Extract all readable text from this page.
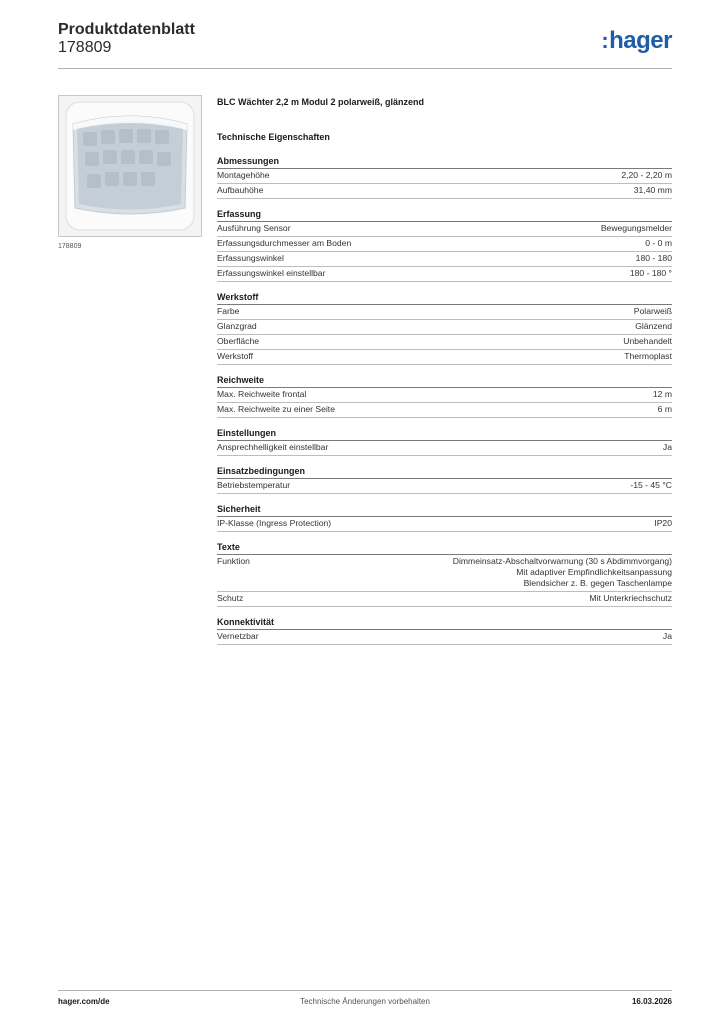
Produktdatenblatt
178809	:hager
178809
BLC Wächter 2,2 m Modul 2 polarweiß, glänzend
Technische Eigenschaften
Abmessungen
Montagehöhe	2,20 - 2,20 m
Aufbauhöhe	31,40 mm
Erfassung
Ausführung Sensor	Bewegungsmelder
Erfassungsdurchmesser am Boden	0 - 0 m
Erfassungswinkel	180 - 180
Erfassungswinkel einstellbar	180 - 180 °
Werkstoff
Farbe	Polarweiß
Glanzgrad	Glänzend
Oberfläche	Unbehandelt
Werkstoff	Thermoplast
Reichweite
Max. Reichweite frontal	12 m
Max. Reichweite zu einer Seite	6 m
Einstellungen
Ansprechhelligkeit einstellbar	Ja
Einsatzbedingungen
Betriebstemperatur	-15 - 45 °C
Sicherheit
IP-Klasse (Ingress Protection)	IP20
Texte
Funktion	Dimmeinsatz-Abschaltvorwarnung (30 s Abdimmvorgang)
Mit adaptiver Empfindlichkeitsanpassung
Blendsicher z. B. gegen Taschenlampe
Schutz	Mit Unterkriechschutz
Konnektivität
Vernetzbar	Ja
hager.com/de	Technische Änderungen vorbehalten	16.03.2026
